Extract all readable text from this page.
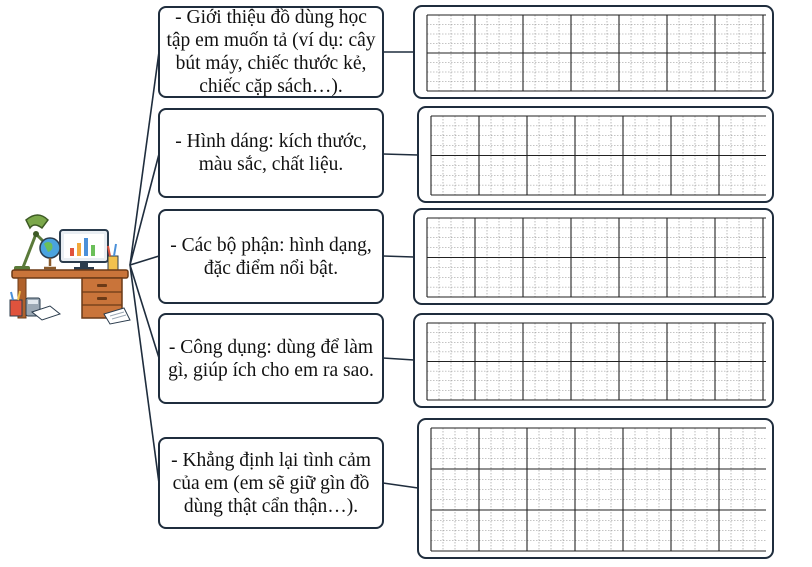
- Giới thiệu đồ dùng học tập em muốn tả (ví dụ: cây bút máy, chiếc thước kẻ, chiếc cặp sách…).
- Hình dáng: kích thước, màu sắc, chất liệu.
- Các bộ phận: hình dạng, đặc điểm nổi bật.
- Công dụng: dùng để làm gì, giúp ích cho em ra sao.
- Khẳng định lại tình cảm của em (em sẽ giữ gìn đồ dùng thật cẩn thận…).
